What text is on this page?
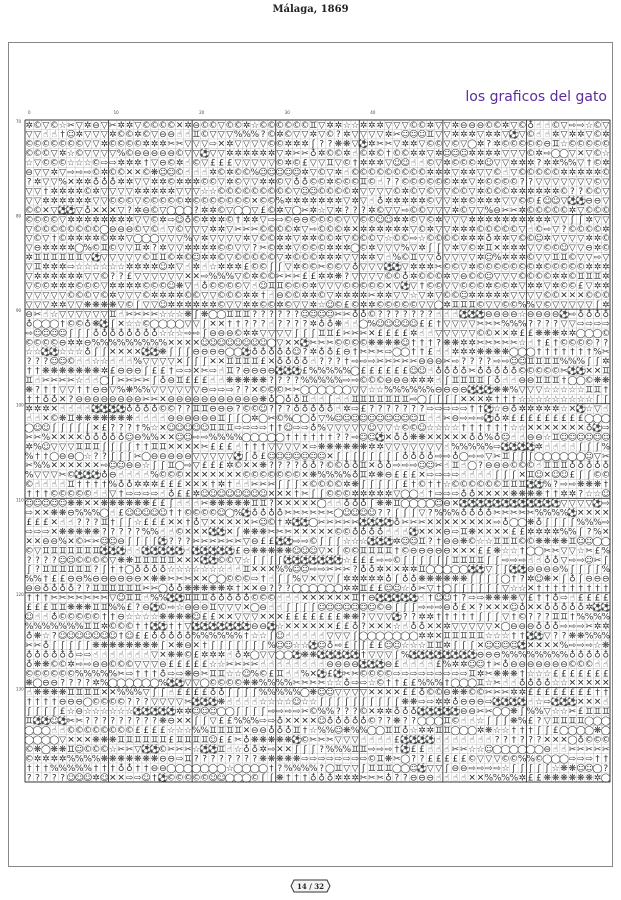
Málaga, 1869
los graficos del gato
✲ © ▽ © ☆ ✂ ▽ ✲ ⊖ ▽ ✂ ✲ ✲ ▽ © © © © ✕ ✲ ⊖ © © ▽ © © ✲ ☆ © © © © © © ♊ ▽ ✲ ✲ ☆ ☆ ✲ ✲ ✲ ▽ ▽ ▽ © © ✲ ▽ ▽ ✲ ⊖ ⊖ ⊖ © © ✲ ▽ © ♁ ☝ ☝ © ▽ ⇨ ⇨ ☆ © ▽
▽ ▽ ☝ ☝ † ☺ ✲ ▽ ▽ ▽ ✲ © © ✲ © ▽ ⊖ ⊖ ☝ ☝ ♊ © ▽ ▽ ▽ % % % ? © ✲ © ▽ ▽ ✲ ▽ © ? ✲ ▽ ▽ ▽ ▽ ✲ ✂ ☺ ☺
☺ ♊ ▽ ▽ ✲ ✲ ✲ ▽ ✲ ✲ ▽ ⚽ ▽ © ☝ ☝ ✲ ▽ ✲ ✲ ▽ © ✲
© © © © © © © ▽ ▽ ✲ © © © © ✲ ✲ ✲ ✂ ✂ ▽ ▽ ▽ ⇨ ✕ ✲ ▽ ▽ ▽ ▽ © © ✲ ✲ ✲ ʃ ? ? ❋ ❋ ▽ ⚽ ✲ ✂ ✂ ▽ ✲ ✲ ▽ © © ▽ © ▽ ◯ ✲ ? ✲ © © © © © ⊖ ♊ ☆ © © © © ©
© © © ▽ ✲ ☆ © ▽ ▽ ▽ ▽ % © ⊖ ⊖ ⊖ ⊖ ⊖ © ▽ ▽ ⚽ ▽ ▽ ✲ ✲ ✲ ✲ ✲ ✲ ▽ ✲ ✂ ✂ ♁ ✲ © © ✲ ☝ © ✲ © † © © ✲ ✲ ▽ ✲ ☺
☺ ☺ ✲ ✲ ✲ ✲ ▽ ▽ ▽ © ✲ ⇨ ◯
◯ ▽ ✕ ▽ © ☆
☆ ▽ © © © ☆ ☆ ☆ © ⇨ ⇨ ✲ ✲ ✲ † ▽ ⊖ © ✲ ☝ © ▽ £ £ £ ▽ ▽ ▽ ▽ ▽ © ✲ © £ ▽ ▽ ♊ ▽ © † ✲ ✲ ✲ ▽ ☺ ☺ ☝ ☝ © ▽ ✲ © © © ✲ ☺ ▽ ▽ ✲ ✲ ✲ ? ✲ ✲ % % ▽ † © ✲
⊖ ▽ ▽ ✲ ▽ ⇨ ⇨ ⇨ © ✲ © © ✕ ✕ © ❋ ☺ ☺ © ☝ ☝ ☝ ✲ © ✲ © © % ☺ ☺
☺ ☺ ☺ ✲ ▽ © ▽ ✲ ☝ © © © © © © © © © ✲ ✲ ✲ ▽ ✲ ✲ ▽ ▽ © ☝ ▽ © © © © © ✲ ✲ ✲ ✲ ✲ ©
? ✲ ▽ ▽ % ✕ ✲ ✲ ♁ ♁ ♁ ✲ ✲ ▽ ▽ ✲ ✲ © ✲ ✲ ✲ © © ▽ ✲ © ▽ ▽ ✲ ✲ © ▽ ♁ ♁ © © ✲ © © © ♊ © ☝ ? ? © © © © © © ✲ ✲ ▽ ✲ © © © © ? ? ▽ ▽ ▽ ▽ ▽ ▽ ▽ © ▽
▽ ▽ † ✲ ✲ ✲ ✲ © ✲ ▽ ▽ ▽ ▽ ✲ ✲ ✲ ✲ ✲ ▽ ▽ ▽ ☆ ☆ © © © © © © © © © ▽ ☺ ☺ © © © © ✲ ▽ ▽ ▽ ▽ © ✲ © ▽ © ▽ ▽ © © ▽ ✲ © © © ✲ ✲ ✲ ✲ ✲ ✲ © ? ? © © ▽
▽ ▽ ✲ ✲ ✲ ✲ ✲ ✲ ▽ ▽ © © © ▽ © © © © © ✲ © © © © © © © ✕ © © % ✲ ✲ ✲ ✲ ✲ ✲ ✲ ▽ ✲ ▽ ☝ ♁ ✲ ✲ ✲ ✲ ✲ © ▽ ▽ ✲ ✲ © ✲ ✲ ✲ ▽ ▽ © © £ ☺ ☺ ▽ ⚽
⚽ ⊖ ⊖ ▽
© © ✕ ▽ ⚽
⚽ ▽ ♁ ✕ ✕ ✕ ▽ ? ✲ ⊖ © ▽ ◯
◯
◯ ? ✲ ✲ © ▽ ◯
◯ ▽ £ © ✲ ▽ ◯ ✂ ✲ ☆ ▽ ✲ ? ? ? ✲ © ▽ ▽ ⇨ © © ▽ ▽ ▽ ✲ © ▽ ▽ % ⊖ ✂ ✂ ✲ © © © © © ✲ ▽ © © ©
© © © © ▽ ✲ ✲ ✲ ✲ ✲ ✲ ✲ ✲ ▽ ▽ © ✲ ⇨ ☺ ♁ © ✲ ✲ ✲ © † ✲ ✲ ▽ ⇨ ⇨ © ⊖ ⊖ © © © © ▽ ▽ © © ☺ ☺ ✲ ✲ © ▽ © ✲ ▽ ▽ ▽ ✲ ✲ ✲ ✲ ✲ ✲ ✲ ✲ ✲ ✲ ▽ ▽ ʃ ʃ ✲ ▽ ▽
▽ © © © © © © © ©
◯ ⊖ ⊖ ⊖ © ▽ © ☝ ▽ © ▽ ▽ ▽ ✲ ✲ ▽ ✂ ✂ ✂ © © © © ✲ ▽ ⇨ © © © ✲ ✕ ✲ ✲ ✲ ✲ ✲ ✲ ▽ © ✲ ▽ ▽ ✲ ✲ ✲ © © © © © ▽ ☝ © ⇨ ▽ ? © © © © ✲
▽ © ▽ † © ✲ ✲ ✲ ✲ © ✲ ✲ ▽ ◯
◯
◯ ▽ ▽ ▽ % ▽ ✲ ▽ ▽ ▽ ▽ ✲ ▽ © © ✲ ✲ ▽ ✲ ✲ © © ✲ ▽ © © © ▽ ☆ © © ⇨ ☆ © © © © ✲ ✲ ✲ ♁ ✲ ✲ ▽ © © ☺ ✲ ▽ ▽ ▽ ▽ ✲ ✲ ©
▽ ⊖ ✲ ✲ ✲ ✲ ◯ % © ♊ © ▽ ▽ ♊ ✲ ? ✲ ▽ ▽ ✲ ✲ ✲ ✲ © © ▽ ▽ ? ✂ © ✲ ✲ ▽ © © © ✲ ✲ ✲ ◯
© ✲ ▽ ▽ ▽ % ▽ ✲ ʃ ʃ ▽ ✲ ▽ © ✲ ♊ ✕ ✲ ✲ ✲ ▽ ▽ © © ☺ ▽ ▽ ⊖ ✲ ©
✲ ♊ ♊ ♊ ♊ ♊ ♊ ▽ ⚽ ▽ ▽ ▽ ▽ ▽ © ♊ ♊ © ✲ © ☺ ✲ ✲ © ▽ © © © © © ▽ ✲ © © © ✲ ✲ ✲ ▽ ▽ ✲ ✲ ▽ ☝ % © ♊ ▽ ▽ ♁ ▽ ▽ ▽ ▽ ✲ ☺ % ✲ ✲ ✲ © ▽ ▽ ♊ ♊ © ▽ ▽ ⇨ ▽
▽ ♊ ✲ ✲ ✲ ⇨ ☆ ☆ ☆ ☆ ☆ ☆ ✲ ✲ ✲ ✲ ☺ ✲ ▽ ☝ ✲ ☝ ☆ ✲ ✲ ✲ £ © © ʃ ʃ ▽ ✲ © © ✂ © © ▽ ♁ ▽ ▽ ▽ ⚽
⚽ ▽ ✲ ✲ ✲ ✂ © © ▽ ✲ © © © © © © © ✲ © © © © © ✲ ✲ ✲
▽ ✲ ✲ ✲ ✲ ✲ ✲ ▽ ▽ © ? ? £ ▽ ▽ ▽ ▽ ▽ ▽ ✕ ✕ ⇨ % % % ▽ © ✲ © © ✂ ✂ ✂ £ £ ✲ ✲ ❋ ? ▽ ▽ ▽ ▽ © © ♁ ✲ © © © ✲ ▽ ⊖ © © ☺ ▽ ▽ ▽ © © © © ✲ ✲ © ♊ ♊ ♊ ✲
▽ © © ✲ ✲ ✲ © © © ▽ ✲ ✲ ✲ ✲ © © © ☺ ❋ ▽ ☝ ♁ © © © © ▽ ☝ ☺ ♊ ♊ © © © ✲ ▽ ▽ ▽ © © © © © ✕ ▽ ⚽ ▽ † © © ▽ ▽ © © © ✲ © © ✲ ▽ ✲ ✲ ▽ ✲ © © £ ▽ ✲ ✲
▽ ▽ ▽ ▽ ▽ © © © ▽ © ✲ ▽ ▽ ▽ © ✲ ✲ ✲ ✲ © © ▽ ▽ © © © ✲ ✲ † ☝ ⊖ © © ✲ ✲ © ▽ ✲ ✲ ✲ ✲ ✂ ✲ ✲ ▽ ▽ ☆ ▽ ✲ ▽ © © ☺ ✲ ✲ ✲ ✲ ✲ ▽ ▽ ▽ ▽ © © ✕ ✕ ✕ © © ©
▽ ▽ ▽ ✲ ✲ ▽ ▽ ❋ ❋ ❋ ❋ ▽ © ʃ ▽ ▽ ☺ ✲ ✲ ✲ ✲ ✲ ✲ © ▽ ▽ ✲ ✲ © © ✲ © ▽ ▽ ✲ ☆ ☺ © £ © ✲ ✲ © © © © © ▽ ▽ ◯ ✲ ♊ ♊ ♊ © ▽ ▽ © © % % ▽ © ▽ ▽ ▽ ▽ ▽ ʃ ✲
⊖ ✂ ☝ ☆ ▽ ▽ ▽ ▽ ▽ ▽ ♊ ☝ ✂ ✂ ✂ ✂ ☆ ☆ ☆ ❋ ʃ ❋ ◯
◯ ♊ ♊ ♊ ? ? ? ? ? ? ☺ ☺ ☺ ☺ ✂ ✂ ♁ ♁ © ? ? ? ? ? ? ? ☝ ☝ ☝ ⚽
⚽
⚽ ⊖ ⊖ ⊖ ⊖ ☆ ⊖ ⊖ ⊖ ⊖ ⚽ ⇨ ♁ ♁ ♁ ♁
♁ ◯
◯
◯ † © © ♁ ❋ ⚽ ʃ ✕ ☆ ☆ ©
◯
◯
◯
◯ ▽ ▽ ʃ ✕ ✕ † † ? ? ? ☝ ? ? ? ? ✲ ♁ ♁ ❋ ☝ ☝ ◯ % ☺ ☺
☺ ☺ ☺ £ £ † ▽ ▽ ▽ ▽ ✂ ✂ ✂ % % % ? ? ? ? ▽ ▽ ⇨ ⇨ ⇨ ⇨
⇨ ☺
☺ ☺ ☺ ʃ ʃ ʃ ♁ ♁ ♁ ♁ ♁ ♁ ♁ ♁ ☆ ☆ ☆ ⇨ ⇨ ʃ ⊖ ⊖ ⊖ © ✲ ✲ ▽ ▽ ▽ ▽ ʃ ʃ ʃ ♊ ♊ £ ✂ ✂ ✂ ✕ £ £ £ £ ✲ ☝ ☝ ▽ ▽ ▽ ▽ ▽ © © ✕ ✕ ✲ £ £ ❋ ❋ ❋ ✲ ✲ ◯
◯
◯
©
© © © © ⊖ ✲ ✲ ⊖ % % % % % % % % % ✕ ✕ ✕ ✕ ☺ ☺
☺ ☺ ☺
☺ ☺ ☺
◯ ▽ ✕ ✕ ⚽ ✂ ✂ ✂ © © © © ❋ ❋ ❋ ❋ ☺ † † † ? ❋ ❋ ✲ ✲ ✂ ✂ ✂ ✂ ✂ ☆ ☝ † £ † © © © © ? ?
☆ ☆
⚽
⚽
☆ ☆ ☆ ♁ ʃ ʃ ✕ ✕ ✕ ✕ ⚽
⚽ ❋ ʃ ʃ ʃ ⊖ ⊖ ⊖ ⊖ ◯
◯
⚽ ♁ ♁ ♁ ♁ ♁ ☺ ? ✲ ♁ ♁ £ ⊖ † ✂ ✂ ✂ ⇨ ◯
◯ † † £ ☝ ☝ ✲ ✲ ✲ ❋ ❋ ❋ ❋ ◯
◯
◯ † † † † † † † % ✂
? ? ? ☺ ☺ © ☝ ☝ ☆ ☆ ☝ ☝ ☝ % ▽ ▽ ▽ ▽ ✕ ʃ ʃ ʃ ✕ ✕ ♊ ♊ ♊ ♊ £ ✕ ♁ ♁ ♁ ♁ ☝ ? ? ? † ⇨ ⇨ ⇨ ✂ ✂ ✂ ✂ ✂ ⊖ ⊖ ⊖ ✂ ⇨ ? ? ? ? ⇨ ⇨ ☺ ☺ ♊ ♊ ♊ ♊ % % % ʃ ʃ ✲
† † ❋ ❋ ❋ ❋ ❋ ❋ ❋ ✲ £ ⊖ ⊖ ⊖ ʃ £ £ † ⇨ ⇨ ✕ ✂ ⇨ ☝ ♊ ? ⊖ ⊖ ⊖ ⊖ ⚽
⚽
⚽ £ % % % % % ◯ £ £ £ £ £ £ ☺
☺ ☝ ♁ ♁ ♁ ♁ ✂ ♁ ♁ ♁ ♁ ♁ © © © © © ✂ ⚽
⚽ ✕ ✕ ♊
♊ ☝ ✂ ✂ ✂ ✂ ☆ ☝ ☝ ◯ ʃ ✂ ✂ ✂ ✂ ʃ ♁ ⊖ ♊ £ £ £ ☝ ☝ ❋ ❋ ❋ ❋ ❋ ? ? ? ? % % % % % ⇨ ⇨ © © © ⊖ ⊖ ⊖ ✲ ✲ ✲ ☝ ʃ ♊ ♊ ♊ ♊ ʃ ♁ ☝ ☝ ⊖ ⊖ ♊ ♊ ♊ † ◯
◯
© ❋ ❋
❋ ? † † ▽ ▽ † † ⊖ ⊖ ▽ % ❋ % % ▽ ▽ ▽ ▽ ▽ ▽ ⊖ ⇨ ⇨ ⇨ ? ? ✕ © © © ✂ ✂ ◯
◯
◯
◯
◯
◯ ▽ ▽ ☆ ☆ % % % % % % ⊖ ⊖ ⊖ ⊖ ⚽
⚽
⚽ ❋ ❋ % ▽ ▽ ▽ ☆ ☆ ☆ ☆ ☆ ♊ ♊ †
† † ♁ ♁ ✕ ? ⊖ ⊖ ⊖ ⊖ ⊖ ⊖ ⊖ ⊖ ✂ ✂ ✕ ⊖ ⊖ ⊖ ⊖ ⊖ ⊖ ⊖ ⊖ ⊖ ⊖ ⊖ ❋ ♁ ◯ ♁ ♁ ♊ ☝ ☝ ʃ ☝ ☝ ♊ ♊ ♊ ♊ ♊ ♊ ♊ ⇨ ◯ ʃ ʃ ʃ ʃ ✕ ✕ ✕ ✲ † † † ☆ ☆ ☆ ☆ ☆ ☆ ☆ ☆ ☆ ʃ ʃ
✲ ✲ ✲ ✕ ☝ ☝ ☝ ☝ ⚽
⚽
⚽
⚽ ♁ ♁ ♁ ♁ © © ? ? ♊ ♊ ⊖ ⊖ ⊖ ? © © ☺ ? ? ? ♁ ♁ ♁ ♁ ♁ ☝ ✲ ⇨ £ ? ? ? ? ? ? ? ⇨ ⇨ ⇨ ⇨ ⇨ † † ⚽
☆ ⊖ ♁ ✲ ✲ ✲ ✲ ✲ ☆ ✕ ⚽
☆ ▽ ☝
☝ ☝ ✕ © ❋ ♊ ❋ ❋ ❋ ❋ ❋ ❋ ❋ ☝ ☝ ☝ ☝ ⊖ ⊖ ⊖ ⊖ ⊖ ⊖ ♊ ʃ ʃ ◯ ✲ ◯ ✂ © % ◯
◯ ♁ ▽ % ☺ ☺ ☺
☺ ☺ ☺ ☺
☺ ☺ ☺ ♊ ☝ ☝ ✂ ⊖ ⇨ ⇨ ⇨ ⚽ ♁ ✲ £ £ £ £ £ £ £ £ £ ◯
◯
◯
◯
☺
☺ ʃ ʃ ʃ ʃ ʃ ✕ £ ? ? ? † % ☆ ✕ ☺ ☺
☺ ☺ ☺ ♊ ♊ ♊ ⇨ ⇨ ⇨ ⇨ † † ☺ ⇨ ⇨ ♁ % ▽ ▽ ▽ ▽ ▽ ☺ ▽ ▽ ☆ © © ☺ ☆ ☆ ☆ ☆ † † † † † † ☆ ☆ ✕ ✕ ✕ ✕ ✕ ✕ ✕ ♁ ⚽ ⇨
✂ ✂ % ✕ ✕ ✕ ✕ ♁ ♁ ♁ ♁ ♁ ☺ ⊖ % % ✕ ✕ ☺
☺ ⇨ ⇨ % % % % ◯
◯
◯
◯
◯ † † † † † † ? ? ⇨ ☺ ☺
⚽ ✕ ♁ ♁ ❋ ❋ ✕ ✕ ✕ ✕ ✕ ♁ ♁ % ♁ ☺ ☝ ☝ ⊖ ⊖ ☆ ♊ ☺
☺ ☺ ☺
☺ ☺
✲ % ☺ ▽ ▽ ▽ ♊ ♊ ♊ ʃ ʃ ʃ ʃ † † ♊ ♊ ✕ ✕ ✕ ✕ ✂ £ £ £ ☝ † † † ▽ ▽ ▽ ▽ ✕ ⇨ ❋ ❋ ❋ ❋ ❋ ❋ ✲ ✲ ▽ ▽ ▽ ▽ ▽ ▽ ▽ ☝ % % % % % ⇨ ⚽
⚽
⚽
⚽ ✲ ☝ ☝ ☝ ☝ ʃ ʃ ʃ %
% † † ◯ ⊖ ⊖ ◯ ☆ ? ? ʃ ʃ ʃ ✂ ◯ ⊖ ⊖ ⊖ ⊖ ⊖ ▽ ▽ ▽ ▽ ▽ ⚽ ʃ ♁ £ ☺
☺ ☺ ☺
☺ ☺ ☺ ✕ ʃ ʃ ʃ ʃ ʃ ʃ ʃ ʃ ♁ ♁ ♁ ♁ ⇨ ⇨ ♁ ◯ ⇨ ⇨ ▽ ✂ ♊ ʃ ʃ ʃ ◯
◯
◯
◯
◯
◯
☺ ▽ ✂
✂ % % ✕ ✕ ✕ ✕ ✕ ✕ ⇨ ☺ ☺ ⊖ ⊖ ☆ ʃ ʃ ♊ ◯ ⇨ ▽ £ £ £ ✲ © ✕ ✕ ❋ ? ? ? ? ♁ ♁ ? © © ♁ ♁ ♊ ✕ ♁ ♁ ⇨ ⇨ ⇨ ☺ ☺ ✂ ☝ ♊ ☝ ◯ ? ⊖ ⊖ ⊖ © © © ☝ ♊ ♊ ♊ ♁ ♁ ♁ ♁ ♁
% ▽ ▽ ▽ ✂ ©
⚽
⚽
⚽ ♁ ⊖ ☝ ☝ ☝ ☝ % © © © ✕ ✕ ✕ ✕ ✕ ✕ ✕ © © © © © © © ✕ ❋ % % % % ♁ ♊ ✲ ❋ ⊖ £ £ £ ✕ ⇨ ⇨ ⇨ ⇨ ☝ ☝ ☝ ☝ ʃ ʃ ʃ ✕ ♊ ☺ ✕ ☺ ☺ £ ʃ ʃ © ©
© ☝ ☝ ☝ ☝ ♊ † † † † % ♁ ♁ ✲ ✲ ✲ £ £ £ ✕ ✕ ✕ † ✲ † ☝ ☝ ✂ ✂ ✂ ʃ ʃ ʃ ✕ © © © © ✲ ❋ ʃ ʃ ʃ ʃ ʃ £ † © † † ☆ © © © © © © ♊ ♊ ♊
⚽
⚽
% ? ⇨ ⇨ ❋ ❋ ❋ †
† † † © © © © © ☝ ☝ ▽ † ⇨ ⇨ ⇨ ⇨ ☝ ♁ £ £ ✲ ☺ ☺
☺ ☺ ☺
☺ ☺ ☺ ✕ ✕ ✕ † ✂ ʃ ʃ © © © ✲ ✲ ✲ ✲ ✲ ▽ ◯
◯ ☝ † ⇨ ⇨ ⇨ ♁ ♁ ✕ ✕ ✕ ✕ ❋ ❋ ❋ ❋ † † ✲ ✲ ? ☆ ☆ ☺
☺ ☺
☺ ☺ ☺ ❋ ❋ ✕ ✕ ❋ ❋ ❋ ❋ ❋ ❋ £ £ ʃ ☝ ☝ ☝ ✂ ❋ ❋ ❋ ❋ ❋ ♊ ♊ ? ✕ ✕ ✕ ✕ ✕ ◯ ☝ ☝ ♁ ♁ ♁ ʃ ❋ ❋ ♊ ◯
◯
◯
◯
☺ ⊖ ✕ ⚽
⚽
⚽
⚽
⚽
⚽
⚽
⚽
⚽
⚽
⚽
⚽ ▽ ▽ ▽ ▽ ⚽ ⇨
⇨ ✕ ✕ ❋ ❋ ⊖ % % % ◯ ☝ £ ☺ ☺ ☺ ☺
☺ † † © © © © ☺
◯ %
⚽ ♁ ♁ ♁ ♁ ✂ ✂ ✂ ✂ ✂ ✂ ◯
☺ ☺
☺ ☺ ? ? ʃ ʃ ʃ ▽ ? % % % ♁ ♁ ♁ ♁ ✂ ✂ ✂ ✂ ✂ % % % %
⚽ ✕ ✕ ✕ ✕
£ £ £ ✕ ☝ ☝ ? ? ? ♊ † ʃ ʃ ☆ £ £ £ ✕ ✕ † ♁ ▽ ✕ ✕ ✕ ✕ ✕ ✂ ☺ © † ✲ ⚽
⚽
◯ ✂ ✂ ✂ ✂ ✂ ⚽
⚽
⚽
⚽ ♁ ✂ ✂ ✂ ✕ ✕ ✕ ✕ ✕ ✕ ✕ ✕ ⇨ ♁ ◯
◯ ❋ ♁ ʃ ʃ ʃ ʃ % % % ⇨
⇨ ⇨ ⇨ ✕ ❋ ❋ ❋ ❋ ❋ ? ? ? ? ? % % ☝ ☝ © ✕ ✕ ✕ ⚽
⚽ ✕ ʃ ❋ ❋ ❋ ✂ ✂ ✂ ✕ ✕ ✕ ✕ ✕ © © ♁ ♁ ♁ ♁ ☝ ☝ ☝ ⚽ ✕ ✕ ✕ ⊖ ⇨ ♊ ❋ ✕ ✕ ✕ ✕ £ £ ✲ ✲ ✲ ✲ % % ʃ ? % ✕
✕ ✕ ⊖ ⊖ % ✕ © ✂ ✂ ☺ ☺ ⊖ ʃ ʃ ʃ ʃ ⚽ ? ? ? ✂ ✂ ✂ ✂ ✂ ✂ ▽ ⊖ £ £ ⚽
⚽ ⇨ ⇨ © ʃ ʃ ʃ ☆ ☆ ☆
⚽
⚽
⚽ ✲ ☺ ☺ ♊ ? † ⊖ ⊖ ❋ © ☆ ☆ ♊ ♊ ♊ © © ❋ ❋ ❋ ❋ ♊ ☺ ☺
◯
◯
© ▽ ♊ ♊ ♊ ♊ ♊ ♊ ♊
⚽
⚽
⚽ ☝ ☝ ⚽
⚽
⚽
⚽
⚽ ☝ ⚽
⚽
⚽
⚽
⚽ £ ⊖ ❋ ❋ ❋ ❋ ❋ ☺
☺ ☺ ▽ ✕ ʃ © © ♊ ♊ ♊ ♊ † © ⊖ ⊖ ⊖ ⊖ ⊖ ✕ ✕ ✕ £ £ ❋ ☆ ☆ † ◯
◯ ✂ ✂ ▽ ▽ ☆ ✂ £ %
? ? ? ? ☺
☺ © © © © ▽ ❋ ❋ ♊ ♊ ♊ ♊ ♊ ✕ ✕ ✕ ⚽
⚽
© © ▽ ☆ ʃ ʃ ʃ ʃ ⚽
⚽
⚽
⚽
⚽
⚽
⚽
☆ £ £ £ ⇨ ⇨ © ʃ ʃ ʃ ʃ ʃ ʃ ♊ ♊ ♊ ♊ ʃ ʃ ⇨ ⇨ ⇨ ☝ ☝ ♁ ♁ ▽ ⇨ ⇨ ☺ ✂ ʃ
ʃ ? ♊ ♊ ♊ ♊ ♊ ♊ ? ʃ † † ◯ ♁ ♁ ♁ ♁ ☆ ☆ ☆ ☆ ☆ ☆ ☆ ☝ ☝ ♊ ✕ ✕ ✕ % % ☺
☺ ⇨ ⇨ ✂ ✂ ✂ ? ♁ ♁ ✲ ✕ ✕ ✲ ✲ ♊ ◯
◯
◯
◯
◯
⚽
⚽ ▽ ʃ ʃ ⚽
⚽ ⊖ ⊖ ⊖ ⊖ % ʃ ʃ ʃ ʃ %
% % † £ £ ⊖ ⊖ % ⊖ ⊖ ⊖ ⊖ ⊖ ⊖ ✕ ❋ ❋ ✂ ✂ ✂ ✕ ✕ ◯
◯
© © © ⇨ † ☝ ʃ ʃ % ▽ ✕ ▽ ▽ ʃ ✲ ✲ ✲ ✲ ✲ ♁ ʃ ♁ ♁ ❋ ❋ ❋ ❋ ❋ ❋ ʃ ʃ ʃ ʃ ◯ † ? ✲ ☺ ❋ ✕ ʃ ♁ ʃ ⊖ ⊖ ⊖
⊖ ⊖ ♁ ♁ ♁ ♁ ? ? ♊ ♊ ♊ ♊ ♊ ♊ ✂ ✂ ◯ ♁ ♁ ❋ ❋ ❋ ❋ ❋ ✲ † ✕ ✕ ⊖ ? ? ? ◯
◯
◯
◯
◯
◯ ✲ ✲ ♊ £ £ ☺
☺ ☆ ♁ ✂ ▽ † ◯ ʃ ʃ ʃ ʃ ʃ ʃ ▽ ☆ ☆ ✕ † † † † † † † † †
† † † ✂ ✂ ✂ ✂ ✂ ✂ ✂ ▽ ☺ ♊ ♊ ☝ % %
⚽
⚽
♊ ♊ ♊ ♁ ♁ ♁ ♁ ♁ © © © ☝ ☝ ☝ ✕ ✕ ✕ ✕ ✕ ✕ ♊ † ⊖ ⚽
⚽
⚽
⚽
⚽ ☝ † ☺ ☺ † ? ⇨ ⇨ ❋ ❋ ❋ ❋ ▽ £ † † ♁ ⇨ ☝ £ £ £ £
£ £ £ ♊ ♊ ❋ ❋ ❋ ♊ ♊ % % £ ? ⊖ ⚽
© ⇨ ☆ ⊖ ⊖ ⊖ ♊ ▽ ▽ ▽ ✕ ◯ ⊖ ☝ ☝ ʃ ʃ ʃ ʃ ☺ ☺
☺ ☺ ☺
☺ ☺ © ⊖ ʃ ʃ ʃ ⇨ ⇨ ⇨ ⊖ ♁ £ ✕ ? ✕ ✕ ✕ ☺ ♁ ✕ ✕ ♁ ♁ ♁ ♁ ♁ ✲ ⚽
⚽
☺ ☝ ☝ ♁ © © © © © † † ⊖ ☆ ☆ ☆ ☆ ❋ ❋ ❋ ❋ ☺ £ £ ✕ ✕ ▽ ▽ ▽ ✕ ✕ ✕ £ £ £ £ £ £ £ ❋ ❋ ? ▽ ▽ ▽ ⚽ ? ? ✲ ✲ † † † † † ʃ ʃ ʃ ▽ † © ? ? ? ♊ ♊ † % % % %
% % % % % % % ♊ ♊ ✲ © © © † † ⚽
⚽ † † ▽ ⚽
⚽
⚽
⚽
⚽
⚽
⚽ ⊖ ⊖ ⚽
☆ ✕ ✕ ✕ ✕ ✕ ✕ £ £ ♁ ? ✕ ✕ ✕ ☆ ☝ ♁ ♁ ✕ ✕ ✲ ▽ ▽ ▽ ▽ ▽ ✕ ◯ ⊖ ⊖ ⊖ ♁ ♁ ♁ ⇨ ⇨ ⇨ ✂ ✲ ✲
♁ ❋ ☆ ? ☺
☺ ☺ ☺ ☺
☺ ☺ † ☺ £ £ ♁ ♁ ♁ ♁ ♁ % % % % % % † ☆ ☆ ʃ ☺ ☝ ☝ ☝ ☝ ☝ ▽ ▽ ▽ ʃ ◯
◯
◯
◯
◯
◯
◯ ✲ ✲ ✕ ♊ ♊ ♊ ♊ ♊ ☆ ☆ ☆ † † ⚽
⚽ ▽ ? ? ❋ ❋ % % %
✂ ✂ ♁ ʃ ʃ ʃ ʃ ʃ ❋ ❋ ❋ ❋ ❋ ❋ ❋ ❋ ʃ ✕ ❋ ⊖ ✕ † ʃ ʃ ʃ ʃ ʃ ʃ ʃ % ☺ ☺ ☆ ☆
⚽
☺ ♁ ⇨ £ ʃ ʃ £ £ ☺
☺ ☆ ☆ ☆ ♊ ♊ ✲ ʃ ʃ ʃ ✕ ☺ ☺ ☺
☺
⚽ ✕ ✕ ✕ ✕ % ⇨ ⇨ ⇨ ☆ ❋
♁ ♁ ♁ ♁ ♁ ♁ ⇨ ⇨ ☝ ☝ ☝ ☝ ☝ ☝ ☝ ▽ ✕ ❋ ❋ © £ ✲ ✲ ✲ ☝ ♁ ✲ ◯ ▽ ▽ ◯
◯
⚽ ❋ ❋ ⚽
⚽
⚽
⚽
⚽ † ▽ ▽ ▽ ʃ %
⚽
⚽
⚽
⚽
⚽
⚽
⚽
⚽ ⊖ ⊖ ⊖ % % % % % % % % ♁ ♁ ♁ ♁ ♁
♁ ❋ ❋ © © ✲ ⇨ ⇨ ⊖ ⊖ © © © ▽ ▽ ▽ ⊖ £ £ £ £ £ ☆ ☆ ✂ ✂ ✂ ✂ ☝ ☝ ☝ ☝ ☝ ☝ ☝ ☝ ⊖ ⊖ ⊖ ⊖ ⚽
⚽
⚽ ⊖ £ ☝ ☝ ☝ ☝ £ % ✲ ✲ ☺
☺ † ✂ ♁ ⊖ ⊖ ⊖ ⊖ ⊖ ⊖ ⊖ © © © ☝ ☝
© © © © © © % % % % % ✂ ⇨ † † † ♁ ⇨ ⇨ ❋ ⊖ ✂ ♊ ♊ ☆ ☆ ☺ % © £ ♊ ☝ ☝ % ✕ ⚽ £ ⚽ ✂ ✂ © © © © ⇨ ⇨ ⇨ ⇨ ⇨ ⇨ ⇨ ⇨ ⇨ ♊ ✲ ✂ ❋ ❋ ❋ † ☆ ☆ ☆ £ £ £ £ £ £ £
❋ ◯ ⊖ ⊖ ? ? ? ? ✲ % ◯
◯
◯
◯
◯
◯ %
⚽
⚽ ▽ ▽ ◯
© © © © ❋ ❋ % % % % ✂ ✂ ✂ ✂ ☆ ☆ ♁ ⇨ ⇨ ☆ © † † £ £ % % % † ◯
◯
◯ ♊ ☆ ✂ ☝ ☝ ♁ ♁ ♁ ♁ ☆ ☆ ✕ ✕ ✕ ✕ ✕
☝ ❋ ❋ ❋ ❋ ♊ ♊ ♊ ♊ ✕ ✕ % % % ▽ ʃ ʃ ☝ £ £ £ £ ♁ ♁ ʃ ʃ ʃ ʃ % % % % % ◯ ❋ ☺ ☺ ▽ ▽ ▽ ▽ ✕ ✕ ✕ ✕ £ £ ♁ © © ⊖ ❋ ❋ © © ✂ ✂ ✂ ✲ ✲ £ £ £ £ £ £ £ £ † †
† † † † ⊖ ⊖ ⊖ ◯
© © © © ? ? ? ▽ ▽ ▽ ▽ ✂ ⚽
⚽
⚽ ❋ ☝ ☝ ☝ ☝ ☆ ☆ ☆ ☆ ☺ ☆ ☆ ʃ ʃ ʃ ʃ ʃ ʃ ʃ ʃ ʃ ʃ ❋ ❋ ⇨ ⇨ ✲ ✲ ♁ ⊖ ⊖ ⊖ ⇨ ⚽
⚽
⚽
⚽ ☝ ☆ ⇨ ⚽
⚽
⚽ ✕ ✕ ✕ ☝
ʃ ʃ ʃ ʃ £ ☆ ⊖ ☆ ☆ ☆ ☆ ☆ ☆
⚽
⚽
⚽
⚽
⚽ ✲ ✲ ☺ ☺ ☺
◯
◯ ʃ ʃ ʃ ʃ ⇨ ⇨ ⇨ ⇨ ✂ © % % ? ? ? © ✕ ✲ ✲ ♁ ♁ ♁ ⚽
⚽
⚽
⚽
⚽ ⊖ ⊖ ✂ ✂ ◯
◯ ❋ ʃ % % ▽ ☆ ☆ ✂ £ ♊ ♊ ♊
♊
⚽
⚽
☺
⚽ ✂ ✂ ? ? ? ? ? ? ? ? ? ❋ ⊖ ✕ ✕ ʃ ʃ ▽ £ £ % % % ⇨ ⇨ ♁ ✕ ✕ ✕ ✕ ☺ ♁ ♁ ♁ ♁ ♁ © ? ? ❋ ? ? ◯
◯
◯ ♊ © ☝ ☝ ☆ ʃ ʃ ʃ ❋ % £ ? ▽ ♊ ♊ ♊ ♊ ◯
◯
◯
◯
◯
◯ ☝ ☝ © © © © © © © © £ £ £ £ ☆ ☆ ☆ % % ♊ ♊ ♊ ♊ ✕ ⊖ ⊖ ♁ ♁ ♁ ♊ † ☆ % % ☺ ❋ % % ◯
◯ ♊ ♊ ♁ ☆ ✲ ✲ ♊ ♊ ◯
◯
◯ ✲ ❋ ☆ ☆ † † † ʃ ʃ £ ◯
◯
◯
◯ ❋ ◯
◯
◯
◯
◯ ▽ ✕ ✕ ✕ ❋ ❋ ❋ ♊ ♊ ♊ ♊ ♊ ♊ £ ♊ ♊ ♊ ♊ ☺ £ £ ✂ ♁ ❋ ❋ ❋ ❋ ❋ ⚽
© ✂ ✂ ✂ ▽ ▽ ▽ ☝ ☝ ☝ ☝ £ ⚽
⚽
⚽
⚽ ☝ ☝ ☝ ☝ ☝ ☝ ☝ ? ? † ? ? ? ✕ ✕ ✕ ◯ ♁ © © ©
© ❋ ◯ ❋ ❋ ♊ ☺ © © © ☆ ✂ ✂ ▽ ⚽
⚽
© ✂ ✂ ✂ ☆
⚽
⚽
♊ ☝ ☆ ♁ ♁ ✲ ⇨ ✕ ✕ ʃ ʃ ʃ ? % % % ♊ ♊ ⇨ ⇨ ⇨ † ⚽ £ £ ☝ ☝ ☝ ✂ ✂ ☆ ☆ ☺
◯
◯
◯
◯
◯
◯ ⊖ ☝ ☝ ✂ ✂ ✂ ✂ ✂
© ✲ ✲ ✲ ✲ % % % % ❋ ❋ ❋ ❋ ❋ ❋ ❋ ⊖ ⊖ ⇨ ♊ ? ? ? ? ? ? ? ? ❋ ❋ ❋ ❋ ❋ ⇨ ⇨ ⇨ ⇨ ⇨ ⇨ ⇨ ⇨ © ♊ ❋ ✂ ◯ ? ? £ £ £ £ £ © ▽ ▽ ▽ © © % % ©
◯
◯
◯ ⇨ ⇨ ⇨ † †
† † † % % % % % † † † ♁ ♁ † † ⊖ ⊖ ◯
◯
◯
◯
◯
◯
◯ ☆ ◯
◯
◯
◯ † ? % % % % ? ◯ ♊ ▽ ▽ ʃ ♊ ♊ ♊ ◯
◯
☺
⚽ ▽ ▽ ʃ ⊖ ⊖ ⇨ ⇨ ⇨ ⇨ ☆ ʃ ʃ ʃ ʃ ʃ ☆ ❋ ❋ ☺ ☺
◯ ?
? ? ? ? ? ☺ ☺ ☺ ✲ ☺ ✕ ✕ ⇨ ⇨ ☺ † ⚽
© © © © © ☺
☺
◯
◯
◯
© ʃ ʃ ❋ † † † ♁ ♁ ♁ ✲ ✲ ✲ ✂ ✂ ✂ ♁ ? ? ⊖ ⊖ ⊖ ☝ ☝ ☝ ☝ ✕ ✕ % % % % ✲ £ £ ❋ ❋ ❋ ❋ ❋ ❋ ✲ ◯
0	10	20	30	40
70
80
90
100
110
120
130
14 / 32
